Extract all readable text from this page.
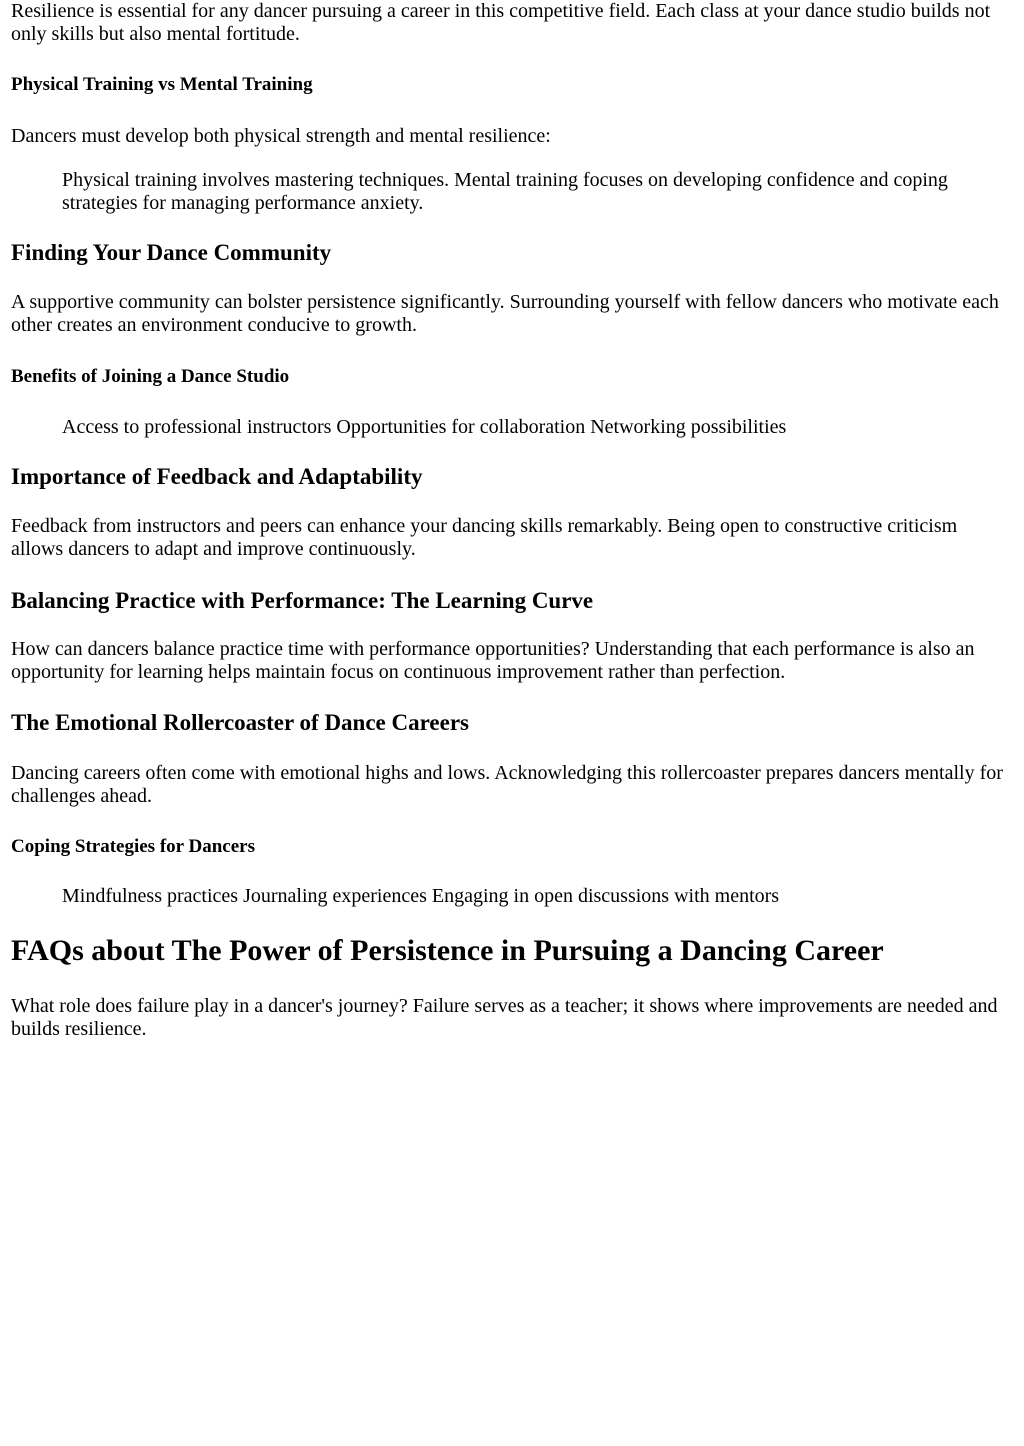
Resilience is essential for any dancer pursuing a career in this competitive field. Each class at your dance studio builds not only skills but also mental fortitude.

Physical Training vs Mental Training

Dancers must develop both physical strength and mental resilience:

Physical training involves mastering techniques. Mental training focuses on developing confidence and coping strategies for managing performance anxiety.
Finding Your Dance Community

A supportive community can bolster persistence significantly. Surrounding yourself with fellow dancers who motivate each other creates an environment conducive to growth.

Benefits of Joining a Dance Studio
Access to professional instructors Opportunities for collaboration Networking possibilities
Importance of Feedback and Adaptability

Feedback from instructors and peers can enhance your dancing skills remarkably. Being open to constructive criticism allows dancers to adapt and improve continuously.

Balancing Practice with Performance: The Learning Curve

How can dancers balance practice time with performance opportunities? Understanding that each performance is also an opportunity for learning helps maintain focus on continuous improvement rather than perfection.

The Emotional Rollercoaster of Dance Careers

Dancing careers often come with emotional highs and lows. Acknowledging this rollercoaster prepares dancers mentally for challenges ahead.

Coping Strategies for Dancers
Mindfulness practices Journaling experiences Engaging in open discussions with mentors
FAQs about The Power of Persistence in Pursuing a Dancing Career

What role does failure play in a dancer's journey? Failure serves as a teacher; it shows where improvements are needed and builds resilience.
